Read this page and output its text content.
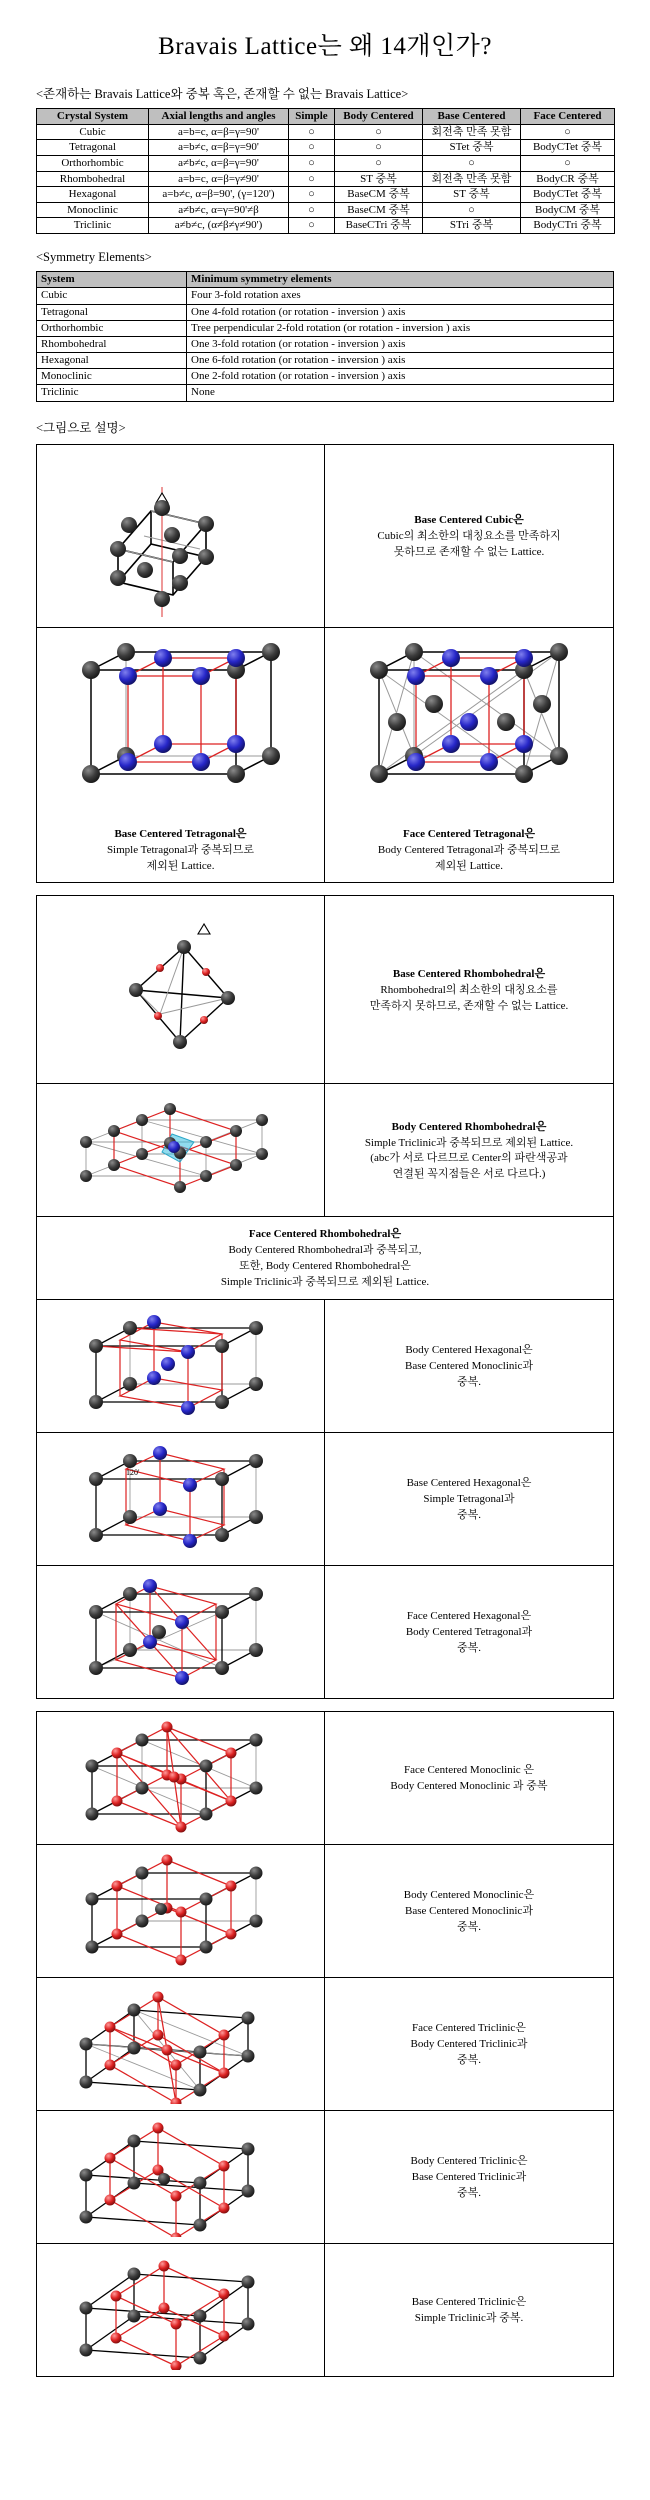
Bravais Lattice는 왜 14개인가?
<존재하는 Bravais Lattice와 중복 혹은, 존재할 수 없는 Bravais Lattice>
Crystal System	Axial lengths and angles	Simple	Body Centered	Base Centered	Face Centered
Cubic	a=b=c, α=β=γ=90'	○	○	회전축 만족 못함	○
Tetragonal	a=b≠c, α=β=γ=90'	○	○	STet 중복	BodyCTet 중복
Orthorhombic	a≠b≠c, α=β=γ=90'	○	○	○	○
Rhombohedral	a=b=c, α=β=γ≠90'	○	ST 중복	회전축 만족 못함	BodyCR 중복
Hexagonal	a=b≠c, α=β=90', (γ=120')	○	BaseCM 중복	ST 중복	BodyCTet 중복
Monoclinic	a≠b≠c, α=γ=90'≠β	○	BaseCM 중복	○	BodyCM 중복
Triclinic	a≠b≠c, (α≠β≠γ≠90')	○	BaseCTri 중복	STri 중복	BodyCTri 중복
<Symmetry Elements>
System	Minimum symmetry elements
Cubic	Four 3-fold rotation axes
Tetragonal	One 4-fold rotation (or rotation - inversion ) axis
Orthorhombic	Tree perpendicular 2-fold rotation (or rotation - inversion ) axis
Rhombohedral	One 3-fold rotation (or rotation - inversion ) axis
Hexagonal	One 6-fold rotation (or rotation - inversion ) axis
Monoclinic	One 2-fold rotation (or rotation - inversion ) axis
Triclinic	None
<그림으로 설명>
Base Centered Cubic은
Cubic의 최소한의 대칭요소를 만족하지
못하므로 존재할 수 없는 Lattice.
Base Centered Tetragonal은
Simple Tetragonal과 중복되므로
제외된 Lattice.
Face Centered Tetragonal은
Body Centered Tetragonal과 중복되므로
제외된 Lattice.
Base Centered Rhombohedral은
Rhombohedral의 최소한의 대칭요소를
만족하지 못하므로, 존재할 수 없는 Lattice.
Body Centered Rhombohedral은
Simple Triclinic과 중복되므로 제외된 Lattice.
(abc가 서로 다르므로 Center의 파란색공과
연결된 꼭지점들은 서로 다르다.)
Face Centered Rhombohedral은
Body Centered Rhombohedral과 중복되고,
또한, Body Centered Rhombohedral은
Simple Triclinic과 중복되므로 제외된 Lattice.
Body Centered Hexagonal은
Base Centered Monoclinic과
중복.
120'
Base Centered Hexagonal은
Simple Tetragonal과
중복.
Face Centered Hexagonal은
Body Centered Tetragonal과
중복.
Face Centered Monoclinic 은
Body Centered Monoclinic 과 중복
Body Centered Monoclinic은
Base Centered Monoclinic과
중복.
Face Centered Triclinic은
Body Centered Triclinic과
중복.
Body Centered Triclinic은
Base Centered Triclinic과
중복.
Base Centered Triclinic은
Simple Triclinic과 중복.
